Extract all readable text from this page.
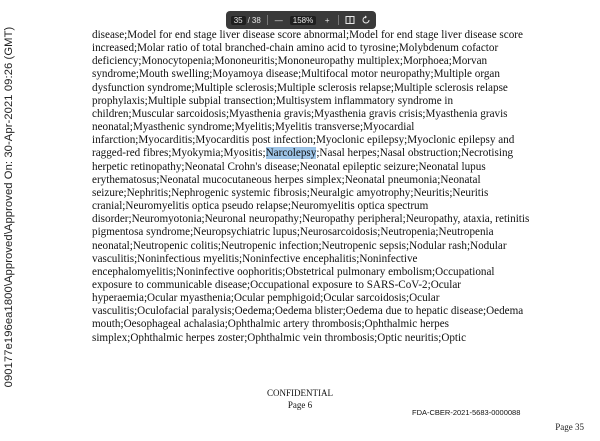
35 / 38 —	158%	+
090177e196ea1800\Approved\Approved On: 30-Apr-2021 09:26 (GMT)	disease;Model for end stage liver disease score abnormal;Model for end stage liver disease score increased;Molar ratio of total branched-chain amino acid to tyrosine;Molybdenum cofactor deficiency;Monocytopenia;Mononeuritis;Mononeuropathy multiplex;Morphoea;Morvan syndrome;Mouth swelling;Moyamoya disease;Multifocal motor neuropathy;Multiple organ dysfunction syndrome;Multiple sclerosis;Multiple sclerosis relapse;Multiple sclerosis relapse prophylaxis;Multiple subpial transection;Multisystem inflammatory syndrome in children;Muscular sarcoidosis;Myasthenia gravis;Myasthenia gravis crisis;Myasthenia gravis neonatal;Myasthenic syndrome;Myelitis;Myelitis transverse;Myocardial infarction;Myocarditis;Myocarditis post infection;Myoclonic epilepsy;Myoclonic epilepsy and ragged-red fibres;Myokymia;Myositis;Narcolepsy;Nasal herpes;Nasal obstruction;Necrotising herpetic retinopathy;Neonatal Crohn's disease;Neonatal epileptic seizure;Neonatal lupus erythematosus;Neonatal mucocutaneous herpes simplex;Neonatal pneumonia;Neonatal seizure;Nephritis;Nephrogenic systemic fibrosis;Neuralgic amyotrophy;Neuritis;Neuritis cranial;Neuromyelitis optica pseudo relapse;Neuromyelitis optica spectrum disorder;Neuromyotonia;Neuronal neuropathy;Neuropathy peripheral;Neuropathy, ataxia, retinitis pigmentosa syndrome;Neuropsychiatric lupus;Neurosarcoidosis;Neutropenia;Neutropenia neonatal;Neutropenic colitis;Neutropenic infection;Neutropenic sepsis;Nodular rash;Nodular vasculitis;Noninfectious myelitis;Noninfective encephalitis;Noninfective encephalomyelitis;Noninfective oophoritis;Obstetrical pulmonary embolism;Occupational exposure to communicable disease;Occupational exposure to SARS-CoV-2;Ocular hyperaemia;Ocular myasthenia;Ocular pemphigoid;Ocular sarcoidosis;Ocular vasculitis;Oculofacial paralysis;Oedema;Oedema blister;Oedema due to hepatic disease;Oedema mouth;Oesophageal achalasia;Ophthalmic artery thrombosis;Ophthalmic herpes simplex;Ophthalmic herpes zoster;Ophthalmic vein thrombosis;Optic neuritis;Optic
CONFIDENTIAL
Page 6
FDA-CBER-2021-5683-0000088
Page 35
